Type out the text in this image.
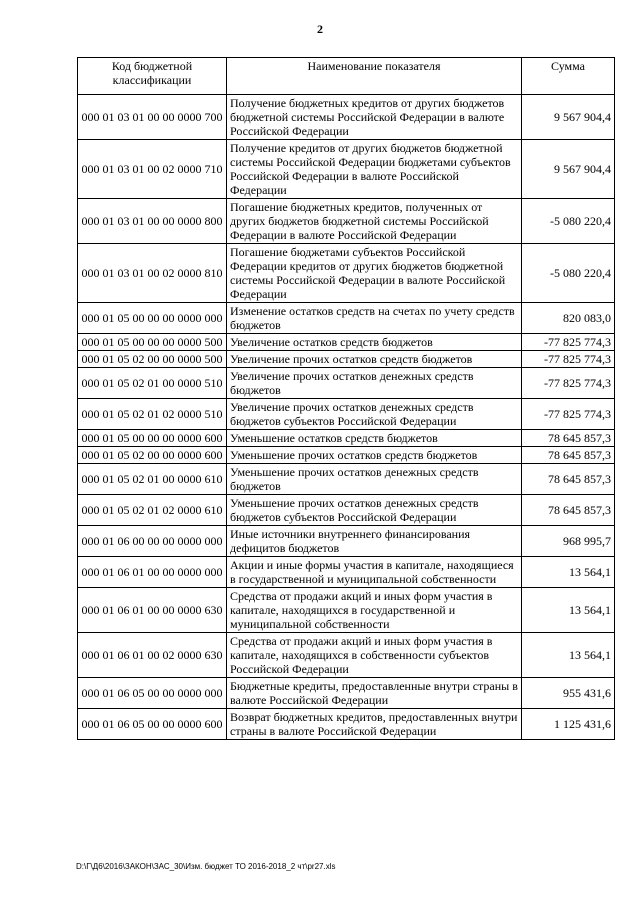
2
Код бюджетной классификации	Наименование показателя	Сумма
000 01 03 01 00 00 0000 700	Получение бюджетных кредитов от других бюджетов бюджетной системы Российской Федерации в валюте Российской Федерации	9 567 904,4
000 01 03 01 00 02 0000 710	Получение кредитов от других бюджетов бюджетной системы Российской Федерации бюджетами субъектов Российской Федерации в валюте Российской Федерации	9 567 904,4
000 01 03 01 00 00 0000 800	Погашение бюджетных кредитов, полученных от других бюджетов бюджетной системы Российской Федерации в валюте Российской Федерации	-5 080 220,4
000 01 03 01 00 02 0000 810	Погашение бюджетами субъектов Российской Федерации кредитов от других бюджетов бюджетной системы Российской Федерации в валюте Российской Федерации	-5 080 220,4
000 01 05 00 00 00 0000 000	Изменение остатков средств на счетах по учету средств бюджетов	820 083,0
000 01 05 00 00 00 0000 500	Увеличение остатков средств бюджетов	-77 825 774,3
000 01 05 02 00 00 0000 500	Увеличение прочих остатков средств бюджетов	-77 825 774,3
000 01 05 02 01 00 0000 510	Увеличение прочих остатков денежных средств бюджетов	-77 825 774,3
000 01 05 02 01 02 0000 510	Увеличение прочих остатков денежных средств бюджетов субъектов Российской Федерации	-77 825 774,3
000 01 05 00 00 00 0000 600	Уменьшение остатков средств бюджетов	78 645 857,3
000 01 05 02 00 00 0000 600	Уменьшение прочих остатков средств бюджетов	78 645 857,3
000 01 05 02 01 00 0000 610	Уменьшение прочих остатков денежных средств бюджетов	78 645 857,3
000 01 05 02 01 02 0000 610	Уменьшение прочих остатков денежных средств бюджетов субъектов Российской Федерации	78 645 857,3
000 01 06 00 00 00 0000 000	Иные источники внутреннего финансирования дефицитов бюджетов	968 995,7
000 01 06 01 00 00 0000 000	Акции и иные формы участия в капитале, находящиеся в государственной и муниципальной собственности	13 564,1
000 01 06 01 00 00 0000 630	Средства от продажи акций и иных форм участия в капитале, находящихся в государственной и муниципальной собственности	13 564,1
000 01 06 01 00 02 0000 630	Средства от продажи акций и иных форм участия в капитале, находящихся в собственности субъектов Российской Федерации	13 564,1
000 01 06 05 00 00 0000 000	Бюджетные кредиты, предоставленные внутри страны в валюте Российской Федерации	955 431,6
000 01 06 05 00 00 0000 600	Возврат бюджетных кредитов, предоставленных внутри страны в валюте Российской Федерации	1 125 431,6
D:\Г\Д6\2016\ЗАКОН\ЗАС_30\Изм. бюджет ТО 2016-2018_2 чт\pr27.xls
